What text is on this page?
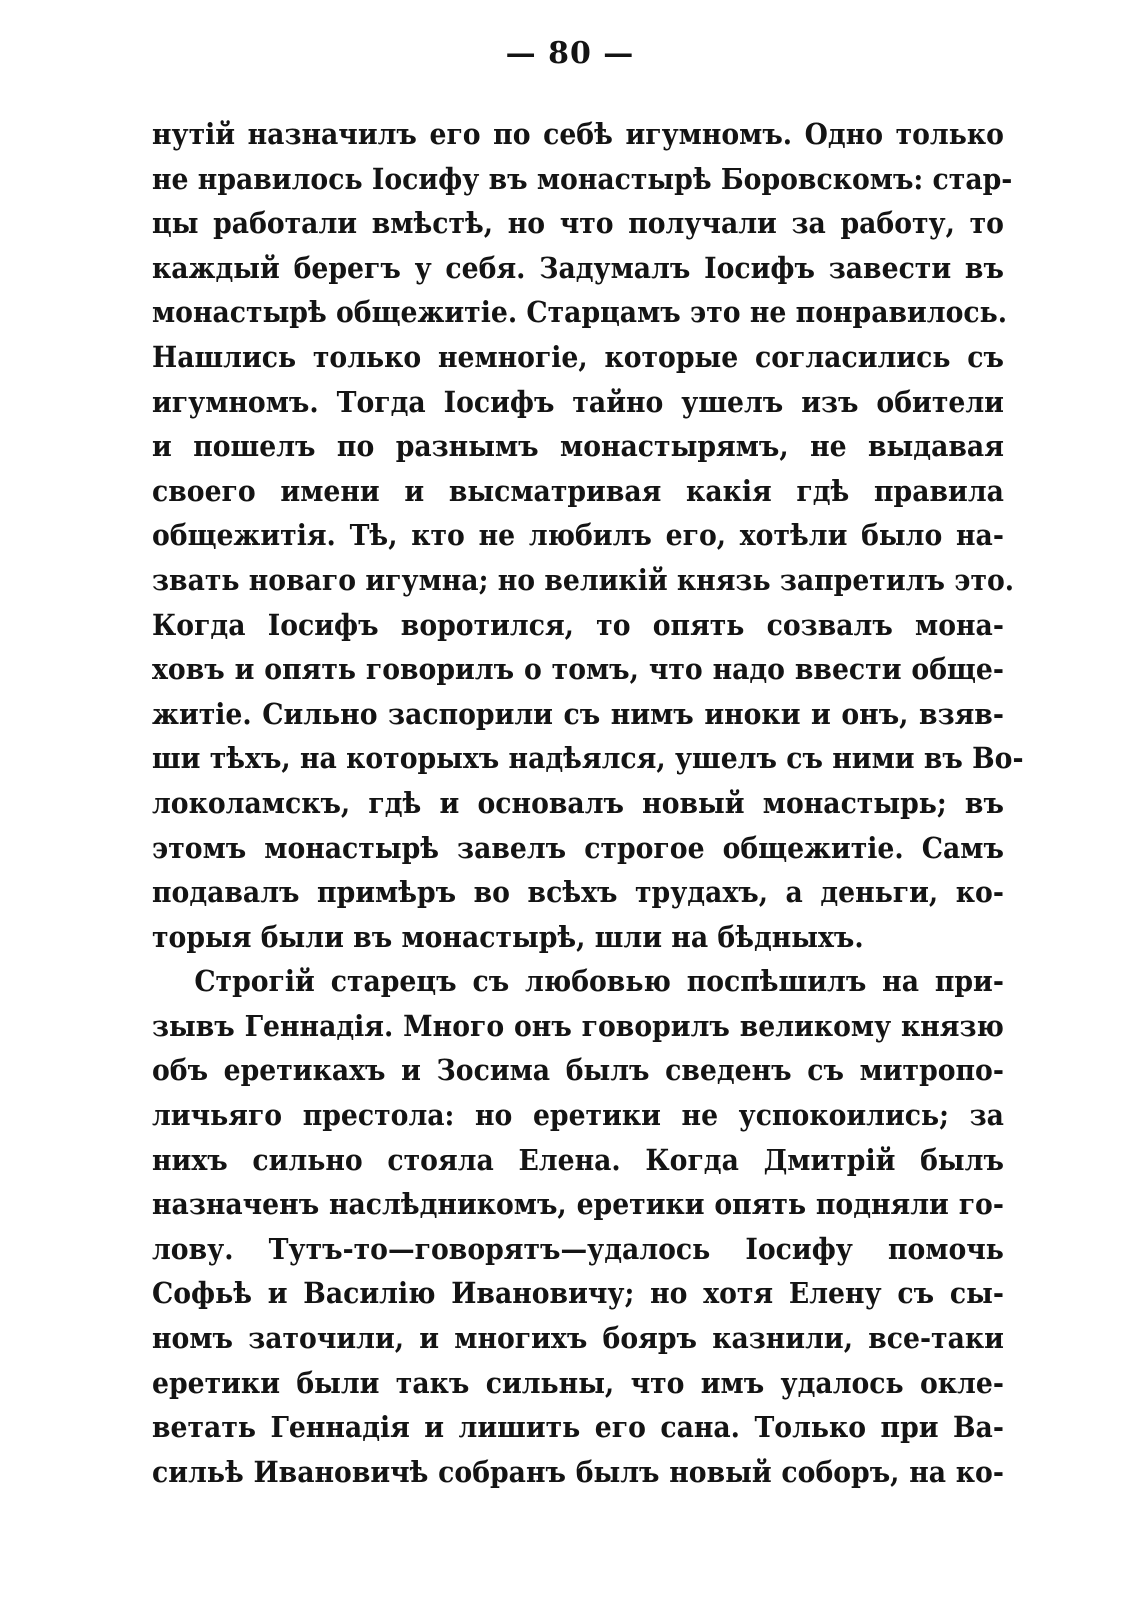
— 80 —
нутій назначилъ его по себѣ игумномъ. Одно только
не нравилось Іосифу въ монастырѣ Боровскомъ: стар-
цы работали вмѣстѣ, но что получали за работу, то
каждый берегъ у себя. Задумалъ Іосифъ завести въ
монастырѣ общежитіе. Старцамъ это не понравилось.
Нашлись только немногіе, которые согласились съ
игумномъ. Тогда Іосифъ тайно ушелъ изъ обители
и пошелъ по разнымъ монастырямъ, не выдавая
своего имени и высматривая какія гдѣ правила
общежитія. Тѣ, кто не любилъ его, хотѣли было на-
звать новаго игумна; но великій князь запретилъ это.
Когда Іосифъ воротился, то опять созвалъ мона-
ховъ и опять говорилъ о томъ, что надо ввести обще-
житіе. Сильно заспорили съ нимъ иноки и онъ, взяв-
ши тѣхъ, на которыхъ надѣялся, ушелъ съ ними въ Во-
локоламскъ, гдѣ и основалъ новый монастырь; въ
этомъ монастырѣ завелъ строгое общежитіе. Самъ
подавалъ примѣръ во всѣхъ трудахъ, а деньги, ко-
торыя были въ монастырѣ, шли на бѣдныхъ.
Строгій старецъ съ любовью поспѣшилъ на при-
зывъ Геннадія. Много онъ говорилъ великому князю
объ еретикахъ и Зосима былъ сведенъ съ митропо-
личьяго престола: но еретики не успокоились; за
нихъ сильно стояла Елена. Когда Дмитрій былъ
назначенъ наслѣдникомъ, еретики опять подняли го-
лову. Тутъ-то—говорятъ—удалось Іосифу помочь
Софьѣ и Василію Ивановичу; но хотя Елену съ сы-
номъ заточили, и многихъ бояръ казнили, все-таки
еретики были такъ сильны, что имъ удалось окле-
ветать Геннадія и лишить его сана. Только при Ва-
сильѣ Ивановичѣ собранъ былъ новый соборъ, на ко-
